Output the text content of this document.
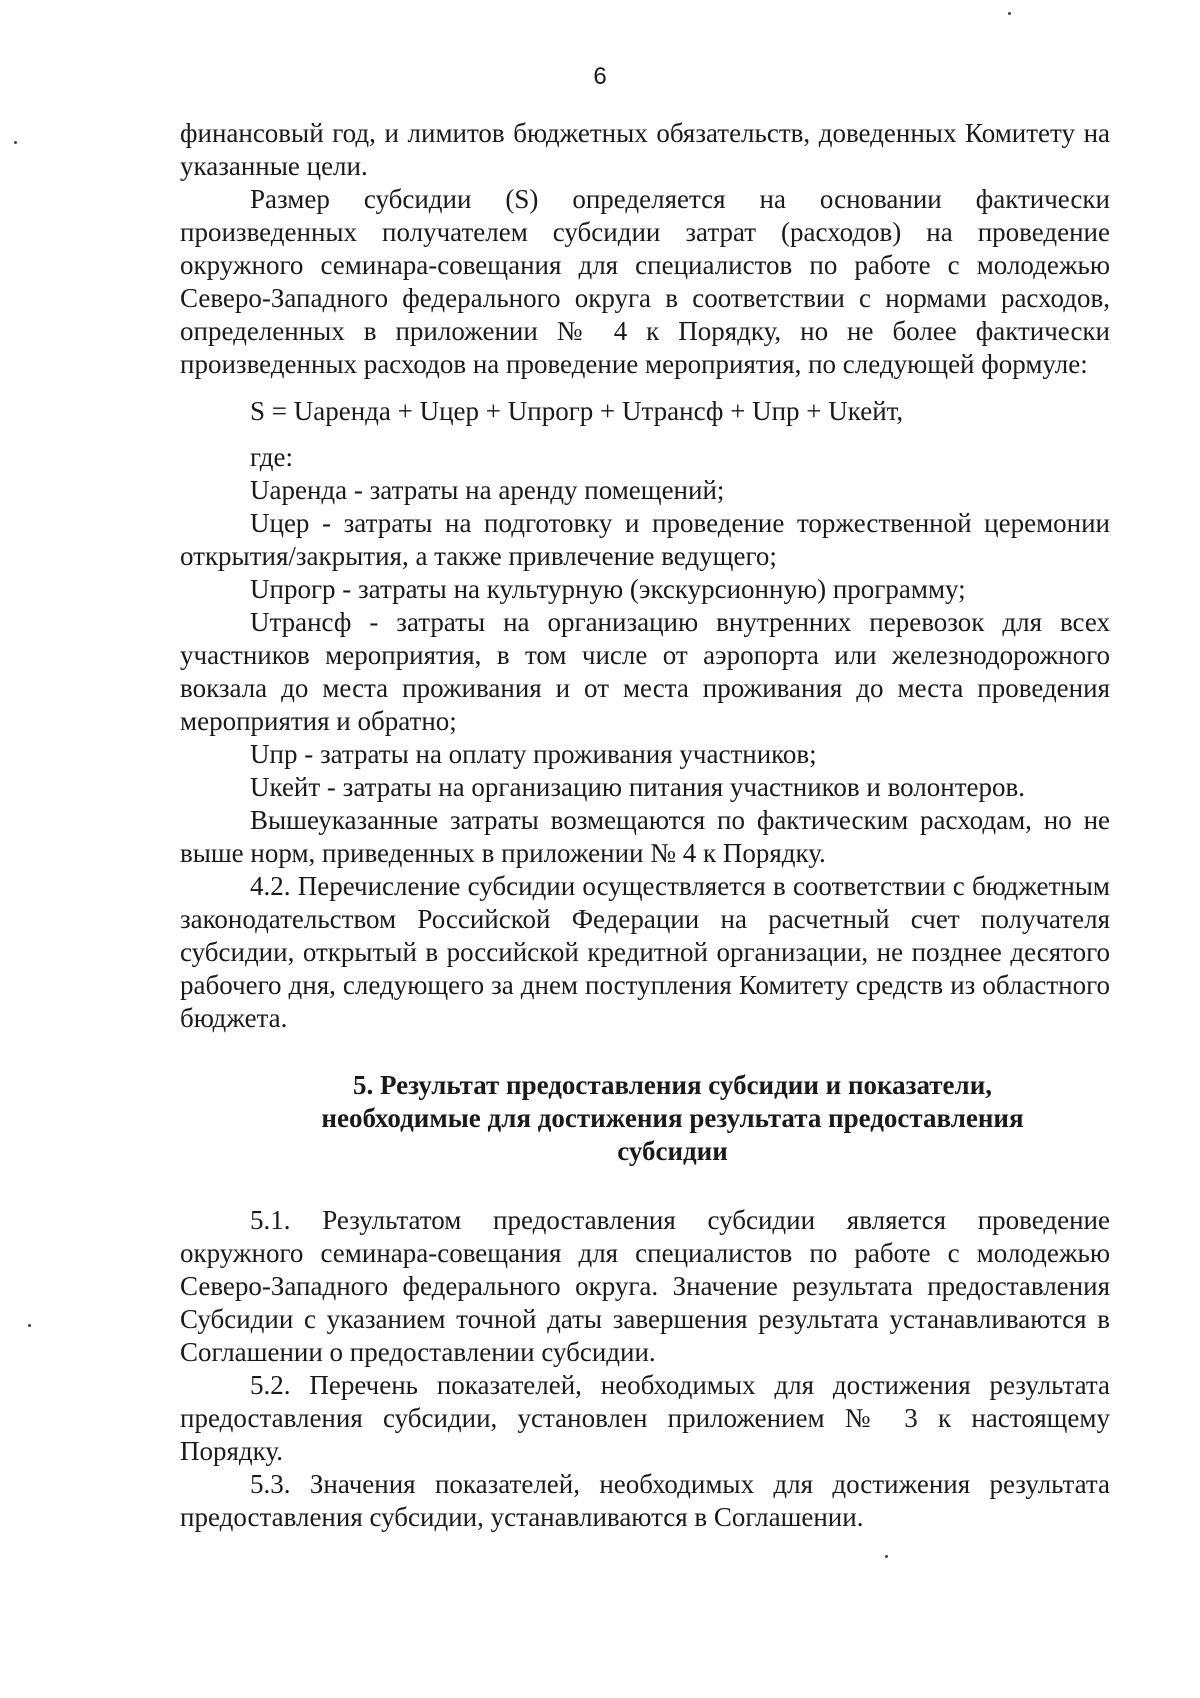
6

финансовый год, и лимитов бюджетных обязательств, доведенных Комитету на указанные цели.

Размер субсидии (S) определяется на основании фактически произведенных получателем субсидии затрат (расходов) на проведение окружного семинара-совещания для специалистов по работе с молодежью Северо-Западного федерального округа в соответствии с нормами расходов, определенных в приложении № 4 к Порядку, но не более фактически произведенных расходов на проведение мероприятия, по следующей формуле:

S = Uаренда + Uцер + Uпрогр + Uтрансф + Uпр + Uкейт,

где:

Uаренда - затраты на аренду помещений;

Uцер - затраты на подготовку и проведение торжественной церемонии открытия/закрытия, а также привлечение ведущего;

Uпрогр - затраты на культурную (экскурсионную) программу;

Uтрансф - затраты на организацию внутренних перевозок для всех участников мероприятия, в том числе от аэропорта или железнодорожного вокзала до места проживания и от места проживания до места проведения мероприятия и обратно;

Uпр - затраты на оплату проживания участников;

Uкейт - затраты на организацию питания участников и волонтеров.

Вышеуказанные затраты возмещаются по фактическим расходам, но не выше норм, приведенных в приложении № 4 к Порядку.

4.2. Перечисление субсидии осуществляется в соответствии с бюджетным законодательством Российской Федерации на расчетный счет получателя субсидии, открытый в российской кредитной организации, не позднее десятого рабочего дня, следующего за днем поступления Комитету средств из областного бюджета.

5. Результат предоставления субсидии и показатели,
необходимые для достижения результата предоставления
субсидии

5.1. Результатом предоставления субсидии является проведение окружного семинара-совещания для специалистов по работе с молодежью Северо-Западного федерального округа. Значение результата предоставления Субсидии с указанием точной даты завершения результата устанавливаются в Соглашении о предоставлении субсидии.

5.2. Перечень показателей, необходимых для достижения результата предоставления субсидии, установлен приложением № 3 к настоящему Порядку.

5.3. Значения показателей, необходимых для достижения результата предоставления субсидии, устанавливаются в Соглашении.
